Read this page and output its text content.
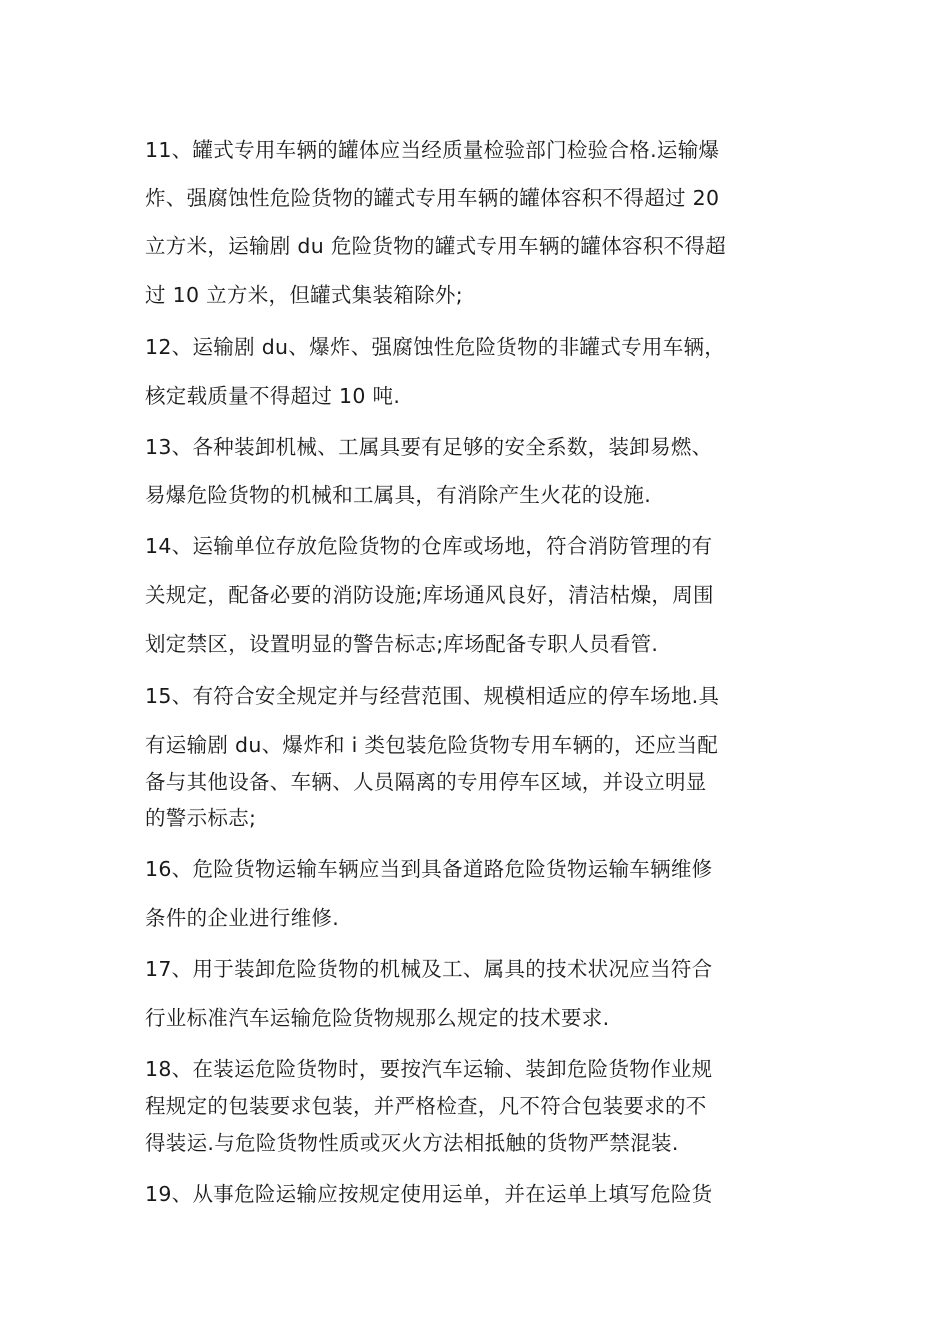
11、罐式专用车辆的罐体应当经质量检验部门检验合格.运输爆
炸、强腐蚀性危险货物的罐式专用车辆的罐体容积不得超过 20
立方米，运输剧 du 危险货物的罐式专用车辆的罐体容积不得超
过 10 立方米，但罐式集装箱除外;
12、运输剧 du、爆炸、强腐蚀性危险货物的非罐式专用车辆，
核定载质量不得超过 10 吨.
13、各种装卸机械、工属具要有足够的安全系数，装卸易燃、
易爆危险货物的机械和工属具，有消除产生火花的设施.
14、运输单位存放危险货物的仓库或场地，符合消防管理的有
关规定，配备必要的消防设施;库场通风良好，清洁枯燥，周围
划定禁区，设置明显的警告标志;库场配备专职人员看管.
15、有符合安全规定并与经营范围、规模相适应的停车场地.具
有运输剧 du、爆炸和 i 类包装危险货物专用车辆的，还应当配
备与其他设备、车辆、人员隔离的专用停车区域，并设立明显
的警示标志;
16、危险货物运输车辆应当到具备道路危险货物运输车辆维修
条件的企业进行维修.
17、用于装卸危险货物的机械及工、属具的技术状况应当符合
行业标准汽车运输危险货物规那么规定的技术要求.
18、在装运危险货物时，要按汽车运输、装卸危险货物作业规
程规定的包装要求包装，并严格检查，凡不符合包装要求的不
得装运.与危险货物性质或灭火方法相抵触的货物严禁混装.
19、从事危险运输应按规定使用运单，并在运单上填写危险货
